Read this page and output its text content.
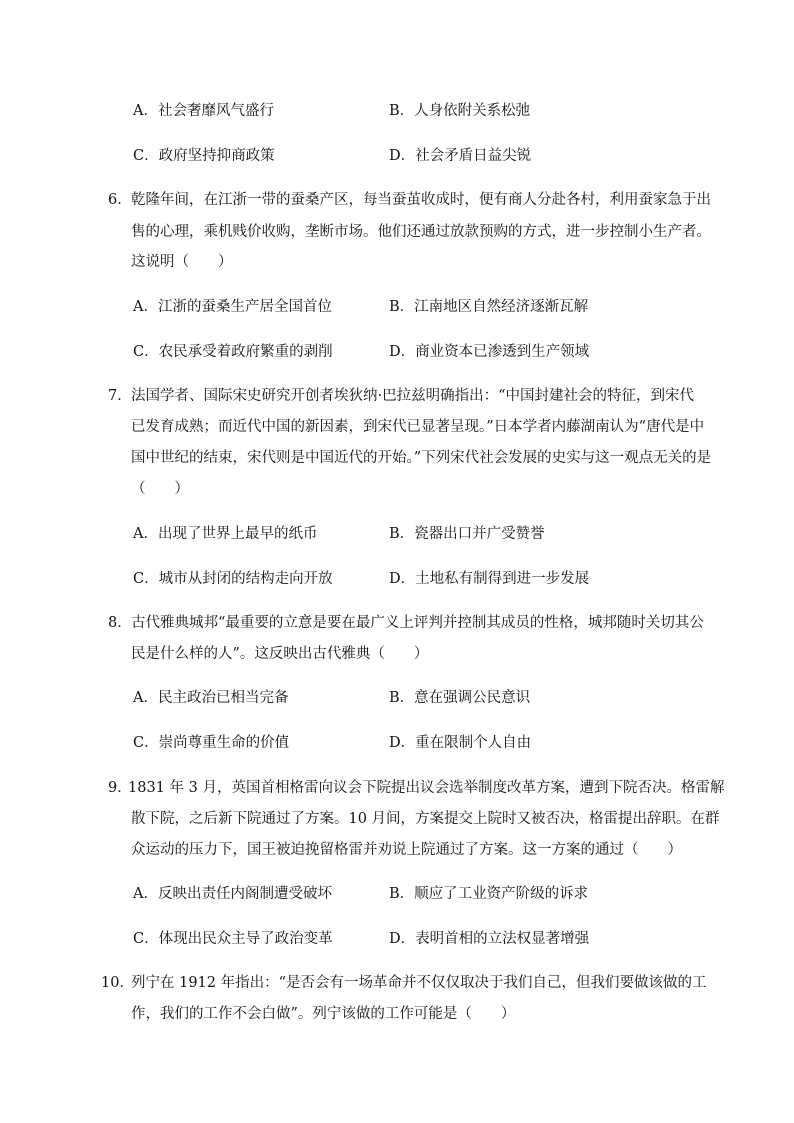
A．社会奢靡风气盛行	B．人身依附关系松弛
C．政府坚持抑商政策	D．社会矛盾日益尖锐
6． 乾隆年间，在江浙一带的蚕桑产区，每当蚕茧收成时，便有商人分赴各村，利用蚕家急于出
售的心理，乘机贱价收购，垄断市场。他们还通过放款预购的方式，进一步控制小生产者。
这说明（　　）
A．江浙的蚕桑生产居全国首位	B．江南地区自然经济逐渐瓦解
C．农民承受着政府繁重的剥削	D．商业资本已渗透到生产领域
7． 法国学者、国际宋史研究开创者埃狄纳·巴拉兹明确指出：“中国封建社会的特征，到宋代
已发育成熟；而近代中国的新因素，到宋代已显著呈现。”日本学者内藤湖南认为“唐代是中
国中世纪的结束，宋代则是中国近代的开始。”下列宋代社会发展的史实与这一观点无关的是
（　　）
A．出现了世界上最早的纸币	B．瓷器出口并广受赞誉
C．城市从封闭的结构走向开放	D．土地私有制得到进一步发展
8． 古代雅典城邦“最重要的立意是要在最广义上评判并控制其成员的性格，城邦随时关切其公
民是什么样的人”。这反映出古代雅典（　　）
A．民主政治已相当完备	B．意在强调公民意识
C．崇尚尊重生命的价值	D．重在限制个人自由
9．
1831 年 3 月，英国首相格雷向议会下院提出议会选举制度改革方案，遭到下院否决。格雷解
散下院，之后新下院通过了方案。10 月间，方案提交上院时又被否决，格雷提出辞职。在群
众运动的压力下，国王被迫挽留格雷并劝说上院通过了方案。这一方案的通过（　　）
A．反映出责任内阁制遭受破坏	B．顺应了工业资产阶级的诉求
C．体现出民众主导了政治变革	D．表明首相的立法权显著增强
10．
列宁在 1912 年指出：“是否会有一场革命并不仅仅取决于我们自己，但我们要做该做的工
作，我们的工作不会白做”。列宁该做的工作可能是（　　）
